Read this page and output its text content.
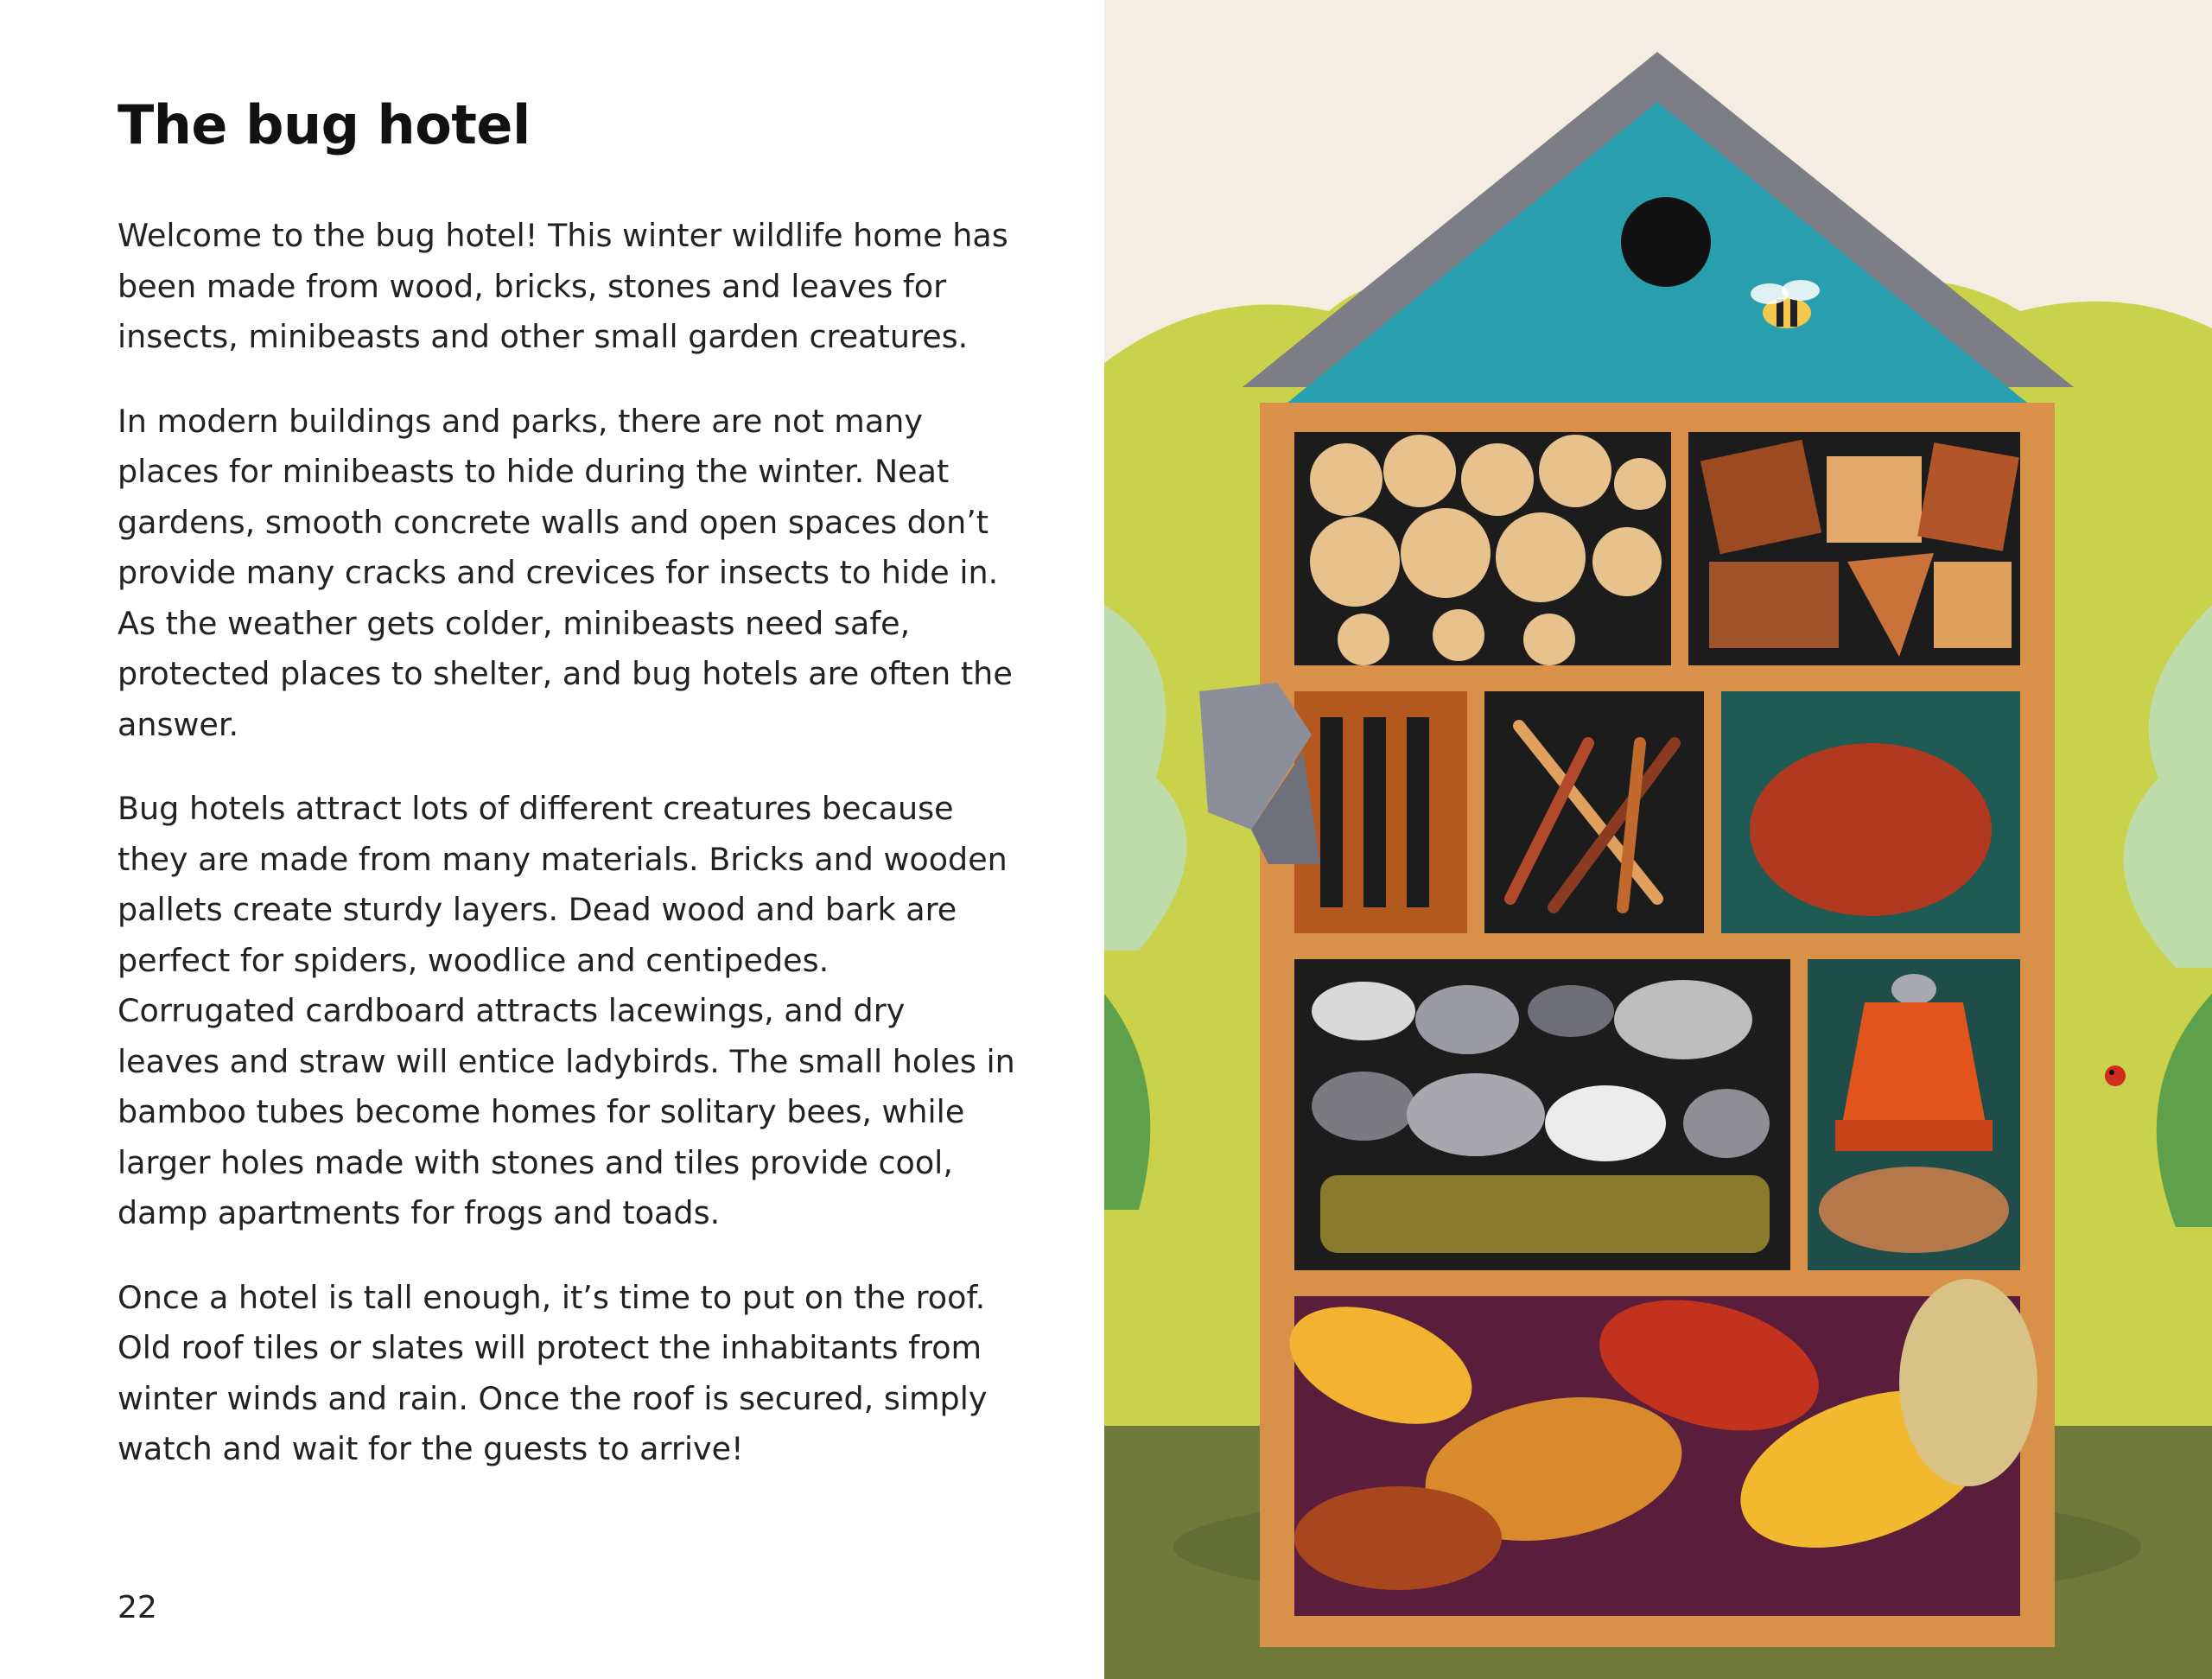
The bug hotel

Welcome to the bug hotel! This winter wildlife home has been made from wood, bricks, stones and leaves for insects, minibeasts and other small garden creatures.

In modern buildings and parks, there are not many places for minibeasts to hide during the winter. Neat gardens, smooth concrete walls and open spaces don’t provide many cracks and crevices for insects to hide in. As the weather gets colder, minibeasts need safe, protected places to shelter, and bug hotels are often the answer.

Bug hotels attract lots of different creatures because they are made from many materials. Bricks and wooden pallets create sturdy layers. Dead wood and bark are perfect for spiders, woodlice and centipedes. Corrugated cardboard attracts lacewings, and dry leaves and straw will entice ladybirds. The small holes in bamboo tubes become homes for solitary bees, while larger holes made with stones and tiles provide cool, damp apartments for frogs and toads.

Once a hotel is tall enough, it’s time to put on the roof. Old roof tiles or slates will protect the inhabitants from winter winds and rain. Once the roof is secured, simply watch and wait for the guests to arrive!

22
